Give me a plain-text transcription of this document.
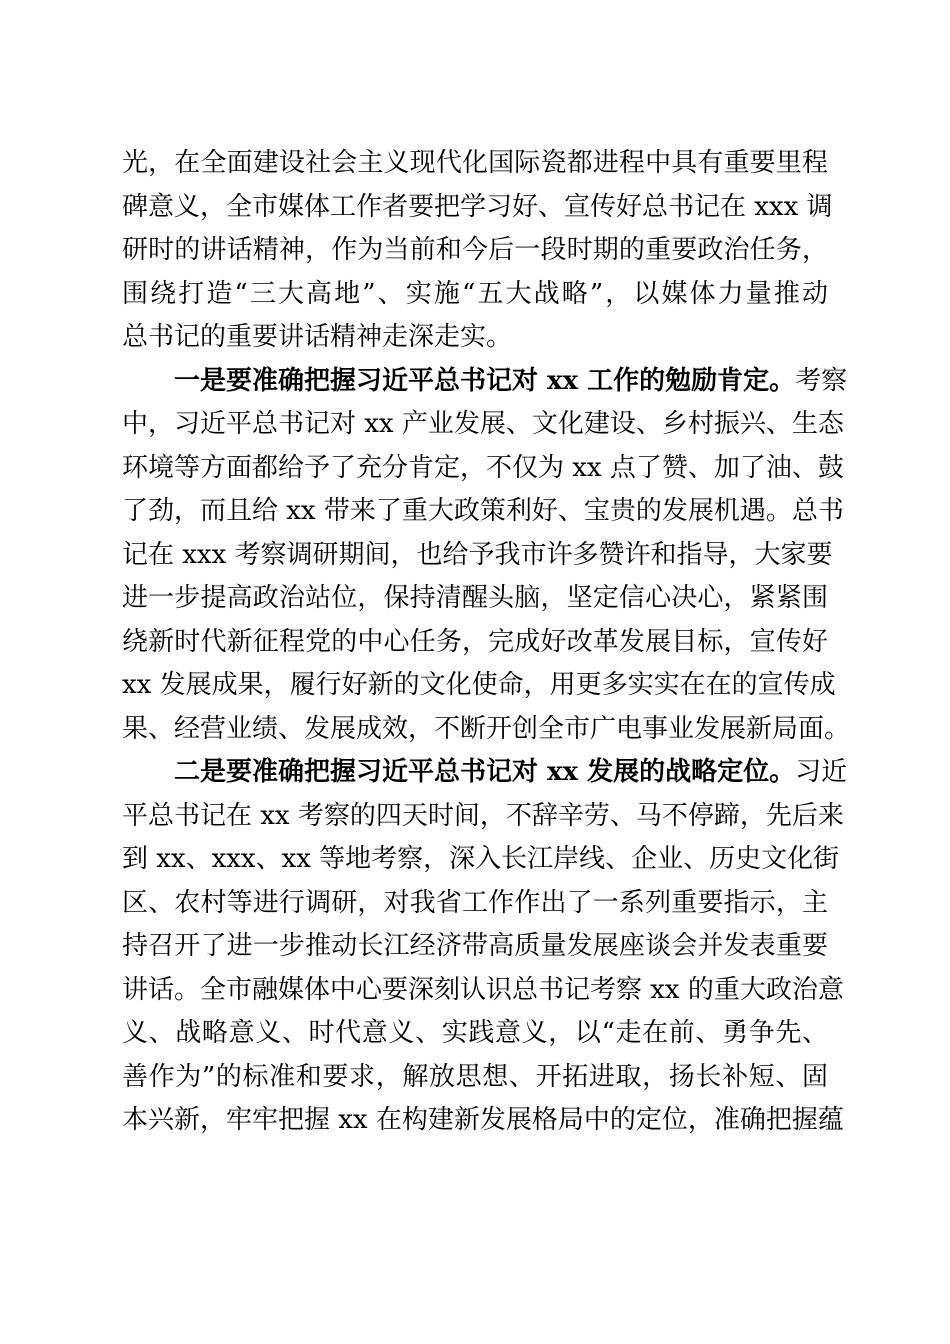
光，在全面建设社会主义现代化国际瓷都进程中具有重要里程
碑意义，全市媒体工作者要把学习好、宣传好总书记在 xxx 调
研时的讲话精神，作为当前和今后一段时期的重要政治任务，
围绕打造“三大高地”、实施“五大战略”，以媒体力量推动
总书记的重要讲话精神走深走实。
一是要准确把握习近平总书记对 xx 工作的勉励肯定。考察
中，习近平总书记对 xx 产业发展、文化建设、乡村振兴、生态
环境等方面都给予了充分肯定，不仅为 xx 点了赞、加了油、鼓
了劲，而且给 xx 带来了重大政策利好、宝贵的发展机遇。总书
记在 xxx 考察调研期间，也给予我市许多赞许和指导，大家要
进一步提高政治站位，保持清醒头脑，坚定信心决心，紧紧围
绕新时代新征程党的中心任务，完成好改革发展目标，宣传好
xx 发展成果，履行好新的文化使命，用更多实实在在的宣传成
果、经营业绩、发展成效，不断开创全市广电事业发展新局面。
二是要准确把握习近平总书记对 xx 发展的战略定位。习近
平总书记在 xx 考察的四天时间，不辞辛劳、马不停蹄，先后来
到 xx、xxx、xx 等地考察，深入长江岸线、企业、历史文化街
区、农村等进行调研，对我省工作作出了一系列重要指示，主
持召开了进一步推动长江经济带高质量发展座谈会并发表重要
讲话。全市融媒体中心要深刻认识总书记考察 xx 的重大政治意
义、战略意义、时代意义、实践意义，以“走在前、勇争先、
善作为”的标准和要求，解放思想、开拓进取，扬长补短、固
本兴新，牢牢把握 xx 在构建新发展格局中的定位，准确把握蕴
